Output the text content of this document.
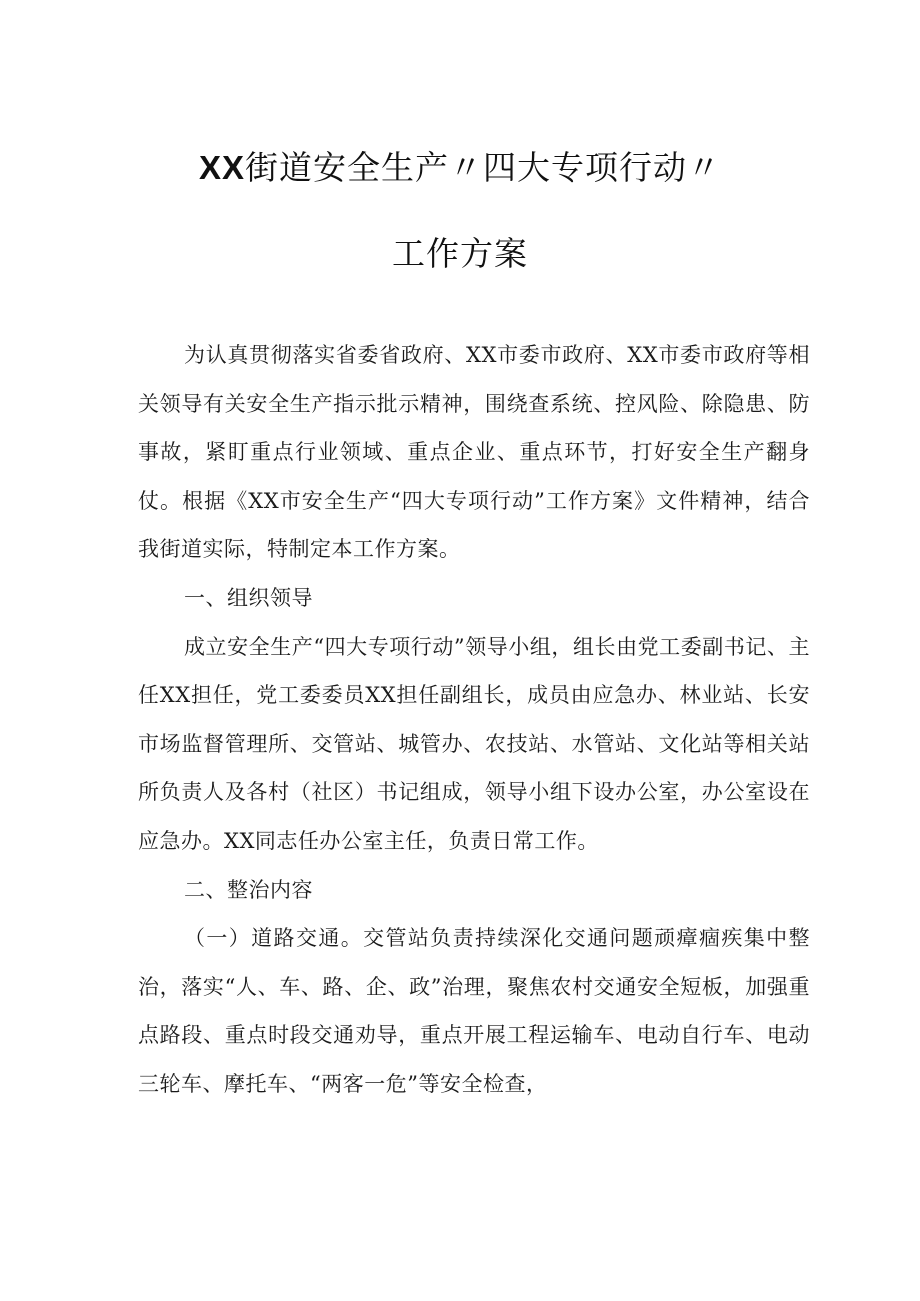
XX街道安全生产〃四大专项行动〃
工作方案

为认真贯彻落实省委省政府、XX市委市政府、XX市委市政府等相关领导有关安全生产指示批示精神，围绕查系统、控风险、除隐患、防事故，紧盯重点行业领域、重点企业、重点环节，打好安全生产翻身仗。根据《XX市安全生产“四大专项行动”工作方案》文件精神，结合我街道实际，特制定本工作方案。

一、组织领导

成立安全生产“四大专项行动”领导小组，组长由党工委副书记、主任XX担任，党工委委员XX担任副组长，成员由应急办、林业站、长安市场监督管理所、交管站、城管办、农技站、水管站、文化站等相关站所负责人及各村（社区）书记组成，领导小组下设办公室，办公室设在应急办。XX同志任办公室主任，负责日常工作。

二、整治内容

（一）道路交通。交管站负责持续深化交通问题顽瘴痼疾集中整治，落实“人、车、路、企、政”治理，聚焦农村交通安全短板，加强重点路段、重点时段交通劝导，重点开展工程运输车、电动自行车、电动三轮车、摩托车、“两客一危”等安全检查，
